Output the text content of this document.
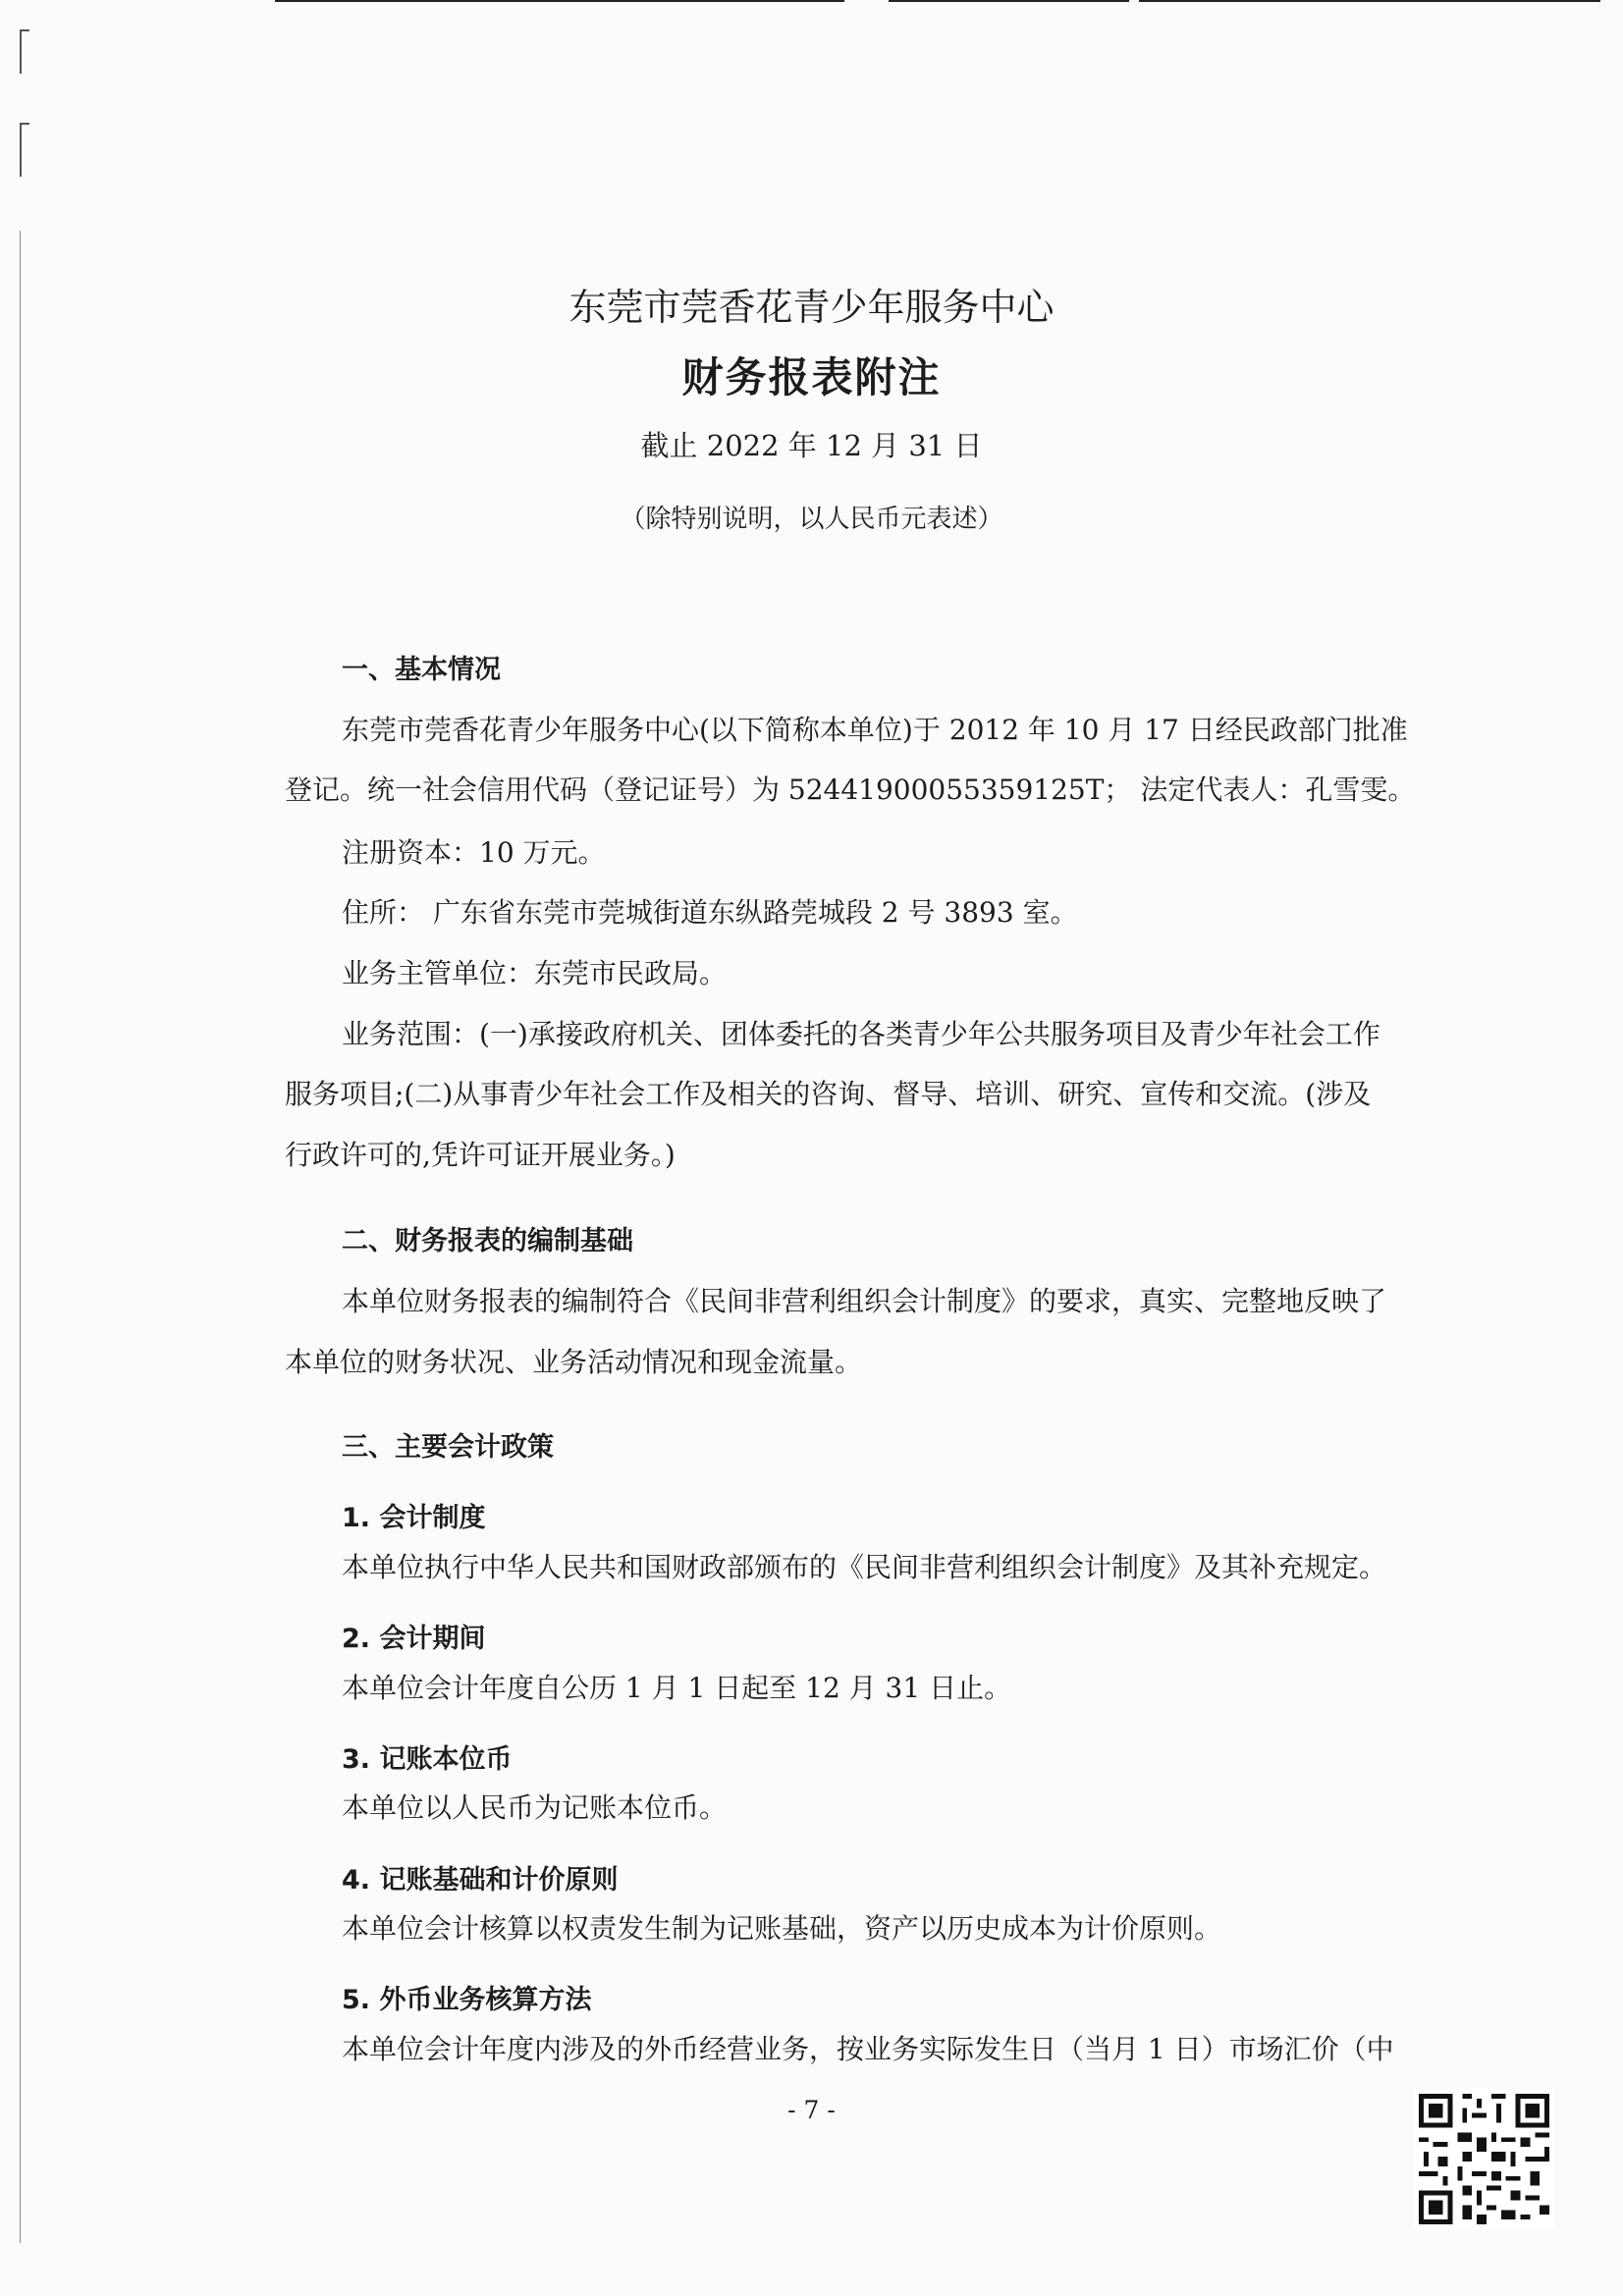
东莞市莞香花青少年服务中心
财务报表附注
截止 2022 年 12 月 31 日
（除特别说明，以人民币元表述）
一、基本情况
东莞市莞香花青少年服务中心(以下简称本单位)于 2012 年 10 月 17 日经民政部门批准
登记。统一社会信用代码（登记证号）为 52441900055359125T； 法定代表人：孔雪雯。
注册资本：10 万元。
住所： 广东省东莞市莞城街道东纵路莞城段 2 号 3893 室。
业务主管单位：东莞市民政局。
业务范围：(一)承接政府机关、团体委托的各类青少年公共服务项目及青少年社会工作
服务项目;(二)从事青少年社会工作及相关的咨询、督导、培训、研究、宣传和交流。(涉及
行政许可的,凭许可证开展业务。)
二、财务报表的编制基础
本单位财务报表的编制符合《民间非营利组织会计制度》的要求，真实、完整地反映了
本单位的财务状况、业务活动情况和现金流量。
三、主要会计政策
1. 会计制度
本单位执行中华人民共和国财政部颁布的《民间非营利组织会计制度》及其补充规定。
2. 会计期间
本单位会计年度自公历 1 月 1 日起至 12 月 31 日止。
3. 记账本位币
本单位以人民币为记账本位币。
4. 记账基础和计价原则
本单位会计核算以权责发生制为记账基础，资产以历史成本为计价原则。
5. 外币业务核算方法
本单位会计年度内涉及的外币经营业务，按业务实际发生日（当月 1 日）市场汇价（中
- 7 -
